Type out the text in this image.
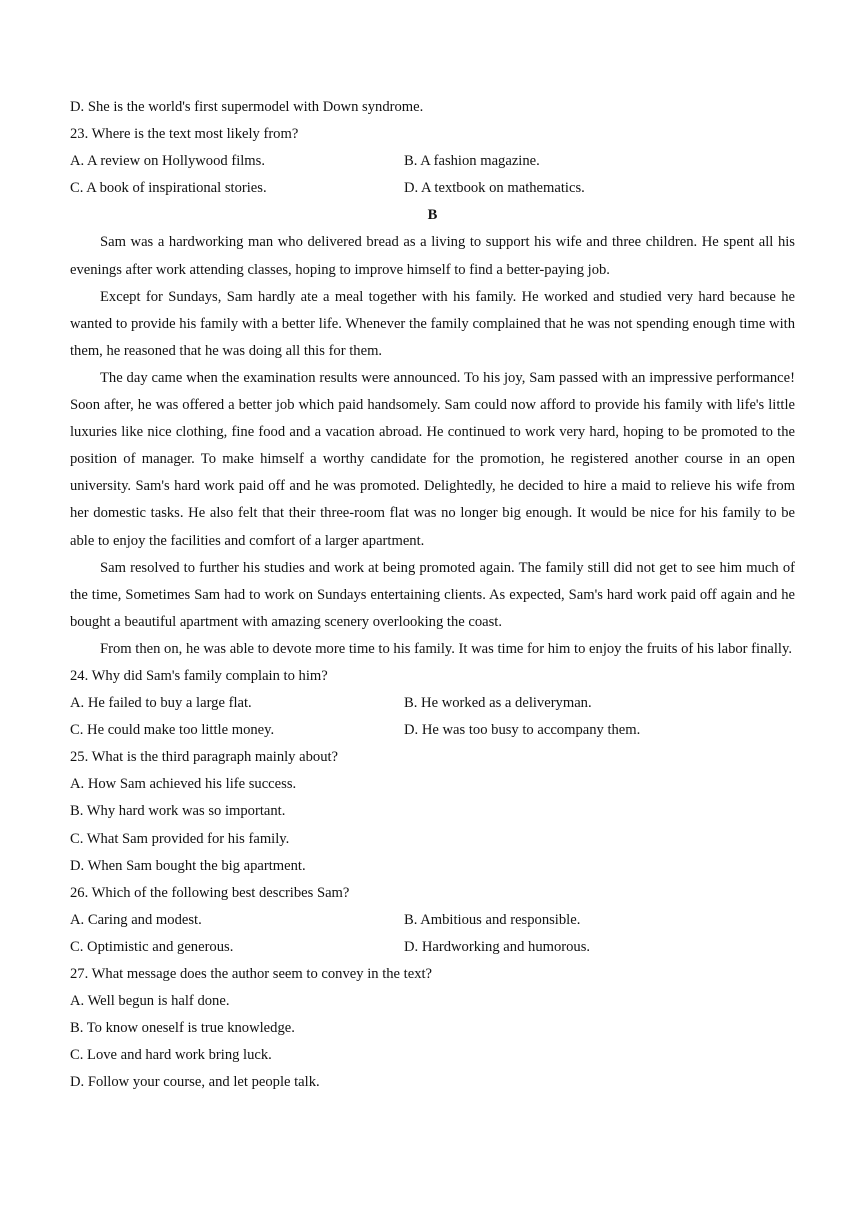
D. She is the world's first supermodel with Down syndrome.
23. Where is the text most likely from?
A. A review on Hollywood films.	B. A fashion magazine.
C. A book of inspirational stories.	D. A textbook on mathematics.
B

Sam was a hardworking man who delivered bread as a living to support his wife and three children. He spent all his evenings after work attending classes, hoping to improve himself to find a better-paying job.

Except for Sundays, Sam hardly ate a meal together with his family. He worked and studied very hard because he wanted to provide his family with a better life. Whenever the family complained that he was not spending enough time with them, he reasoned that he was doing all this for them.

The day came when the examination results were announced. To his joy, Sam passed with an impressive performance! Soon after, he was offered a better job which paid handsomely. Sam could now afford to provide his family with life's little luxuries like nice clothing, fine food and a vacation abroad. He continued to work very hard, hoping to be promoted to the position of manager. To make himself a worthy candidate for the promotion, he registered another course in an open university. Sam's hard work paid off and he was promoted. Delightedly, he decided to hire a maid to relieve his wife from her domestic tasks. He also felt that their three-room flat was no longer big enough. It would be nice for his family to be able to enjoy the facilities and comfort of a larger apartment.

Sam resolved to further his studies and work at being promoted again. The family still did not get to see him much of the time, Sometimes Sam had to work on Sundays entertaining clients. As expected, Sam's hard work paid off again and he bought a beautiful apartment with amazing scenery overlooking the coast.

From then on, he was able to devote more time to his family. It was time for him to enjoy the fruits of his labor finally.

24. Why did Sam's family complain to him?
A. He failed to buy a large flat.	B. He worked as a deliveryman.
C. He could make too little money.	D. He was too busy to accompany them.
25. What is the third paragraph mainly about?
A. How Sam achieved his life success.
B. Why hard work was so important.
C. What Sam provided for his family.
D. When Sam bought the big apartment.
26. Which of the following best describes Sam?
A. Caring and modest.	B. Ambitious and responsible.
C. Optimistic and generous.	D. Hardworking and humorous.
27. What message does the author seem to convey in the text?
A. Well begun is half done.
B. To know oneself is true knowledge.
C. Love and hard work bring luck.
D. Follow your course, and let people talk.
